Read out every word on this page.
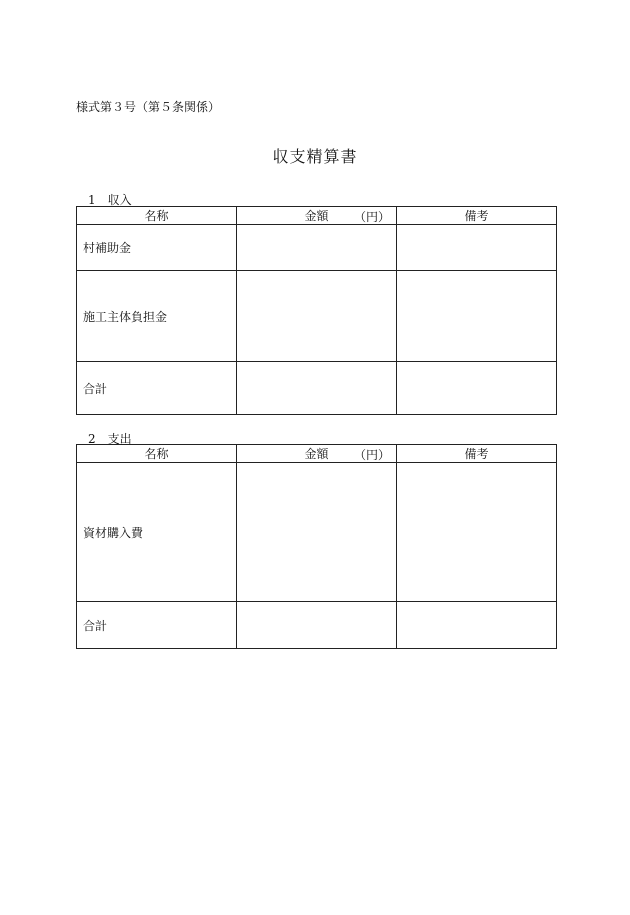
様式第３号（第５条関係）
収支精算書
1 収入
名称	金額 （円）	備考
村補助金		
施工主体負担金		
合計		
2 支出
名称	金額 （円）	備考
資材購入費		
合計		
